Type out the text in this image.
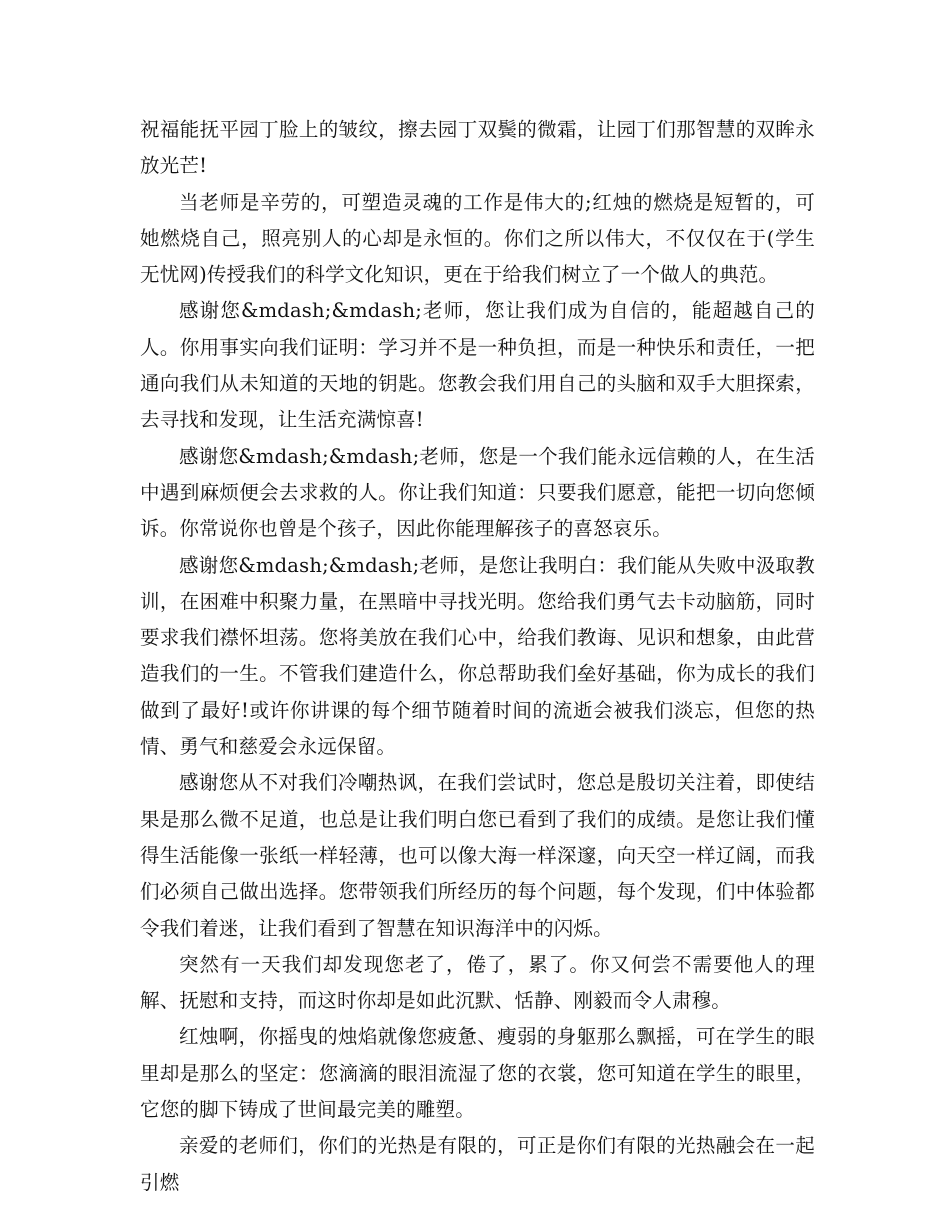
祝福能抚平园丁脸上的皱纹，擦去园丁双鬓的微霜，让园丁们那智慧的双眸永放光芒!

当老师是辛劳的，可塑造灵魂的工作是伟大的;红烛的燃烧是短暂的，可她燃烧自己，照亮别人的心却是永恒的。你们之所以伟大，不仅仅在于(学生无忧网)传授我们的科学文化知识，更在于给我们树立了一个做人的典范。

感谢您&mdash;&mdash;老师，您让我们成为自信的，能超越自己的人。你用事实向我们证明：学习并不是一种负担，而是一种快乐和责任，一把通向我们从未知道的天地的钥匙。您教会我们用自己的头脑和双手大胆探索，去寻找和发现，让生活充满惊喜!

感谢您&mdash;&mdash;老师，您是一个我们能永远信赖的人，在生活中遇到麻烦便会去求救的人。你让我们知道：只要我们愿意，能把一切向您倾诉。你常说你也曾是个孩子，因此你能理解孩子的喜怒哀乐。

感谢您&mdash;&mdash;老师，是您让我明白：我们能从失败中汲取教训，在困难中积聚力量，在黑暗中寻找光明。您给我们勇气去卡动脑筋，同时要求我们襟怀坦荡。您将美放在我们心中，给我们教诲、见识和想象，由此营造我们的一生。不管我们建造什么，你总帮助我们垒好基础，你为成长的我们做到了最好!或许你讲课的每个细节随着时间的流逝会被我们淡忘，但您的热情、勇气和慈爱会永远保留。

感谢您从不对我们冷嘲热讽，在我们尝试时，您总是殷切关注着，即使结果是那么微不足道，也总是让我们明白您已看到了我们的成绩。是您让我们懂得生活能像一张纸一样轻薄，也可以像大海一样深邃，向天空一样辽阔，而我们必须自己做出选择。您带领我们所经历的每个问题，每个发现，们中体验都令我们着迷，让我们看到了智慧在知识海洋中的闪烁。

突然有一天我们却发现您老了，倦了，累了。你又何尝不需要他人的理解、抚慰和支持，而这时你却是如此沉默、恬静、刚毅而令人肃穆。

红烛啊，你摇曳的烛焰就像您疲惫、瘦弱的身躯那么飘摇，可在学生的眼里却是那么的坚定：您滴滴的眼泪流湿了您的衣裳，您可知道在学生的眼里，它您的脚下铸成了世间最完美的雕塑。

亲爱的老师们，你们的光热是有限的，可正是你们有限的光热融会在一起引燃
